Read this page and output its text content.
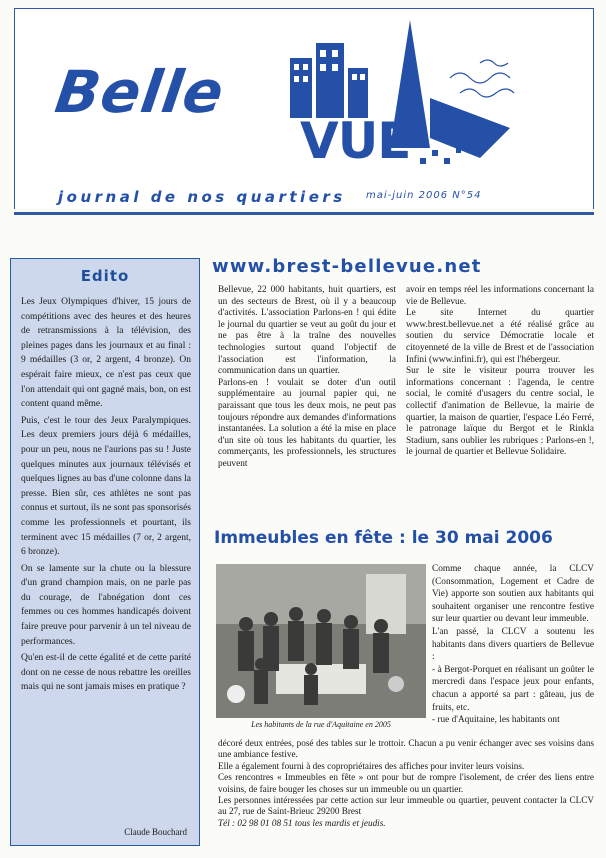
Belle
VUE
journal de nos quartiers mai-juin 2006 N°54
Edito

Les Jeux Olympiques d'hiver, 15 jours de compétitions avec des heures et des heures de retransmissions à la télévision, des pleines pages dans les journaux et au final : 9 médailles (3 or, 2 argent, 4 bronze). On espérait faire mieux, ce n'est pas ceux que l'on attendait qui ont gagné mais, bon, on est content quand même.

Puis, c'est le tour des Jeux Paralympiques. Les deux premiers jours déjà 6 médailles, pour un peu, nous ne l'aurions pas su ! Juste quelques minutes aux journaux télévisés et quelques lignes au bas d'une colonne dans la presse. Bien sûr, ces athlètes ne sont pas connus et surtout, ils ne sont pas sponsorisés comme les professionnels et pourtant, ils terminent avec 15 médailles (7 or, 2 argent, 6 bronze).

On se lamente sur la chute ou la blessure d'un grand champion mais, on ne parle pas du courage, de l'abnégation dont ces femmes ou ces hommes handicapés doivent faire preuve pour parvenir à un tel niveau de performances.

Qu'en est-il de cette égalité et de cette parité dont on ne cesse de nous rebattre les oreilles mais qui ne sont jamais mises en pratique ?

Claude Bouchard
www.brest-bellevue.net

Bellevue, 22 000 habitants, huit quartiers, est un des secteurs de Brest, où il y a beaucoup d'activités. L'association Parlons-en ! qui édite le journal du quartier se veut au goût du jour et ne pas être à la traîne des nouvelles technologies surtout quand l'objectif de l'association est l'information, la communication dans un quartier.

Parlons-en ! voulait se doter d'un outil supplémentaire au journal papier qui, ne paraissant que tous les deux mois, ne peut pas toujours répondre aux demandes d'informations instantanées. La solution a été la mise en place d'un site où tous les habitants du quartier, les commerçants, les professionnels, les structures peuvent

avoir en temps réel les informations concernant la vie de Bellevue.

Le site Internet du quartier www.brest.bellevue.net a été réalisé grâce au soutien du service Démocratie locale et citoyenneté de la ville de Brest et de l'association Infini (www.infini.fr), qui est l'hébergeur.

Sur le site le visiteur pourra trouver les informations concernant : l'agenda, le centre social, le comité d'usagers du centre social, le collectif d'animation de Bellevue, la mairie de quartier, la maison de quartier, l'espace Léo Ferré, le patronage laïque du Bergot et le Rinkla Stadium, sans oublier les rubriques : Parlons-en !, le journal de quartier et Bellevue Solidaire.

Immeubles en fête : le 30 mai 2006
Les habitants de la rue d'Aquitaine en 2005

Comme chaque année, la CLCV (Consommation, Logement et Cadre de Vie) apporte son soutien aux habitants qui souhaitent organiser une rencontre festive sur leur quartier ou devant leur immeuble.

L'an passé, la CLCV a soutenu les habitants dans divers quartiers de Bellevue :

- à Bergot-Porquet en réalisant un goûter le mercredi dans l'espace jeux pour enfants, chacun a apporté sa part : gâteau, jus de fruits, etc.

- rue d'Aquitaine, les habitants ont

décoré deux entrées, posé des tables sur le trottoir. Chacun a pu venir échanger avec ses voisins dans une ambiance festive.

Elle a également fourni à des copropriétaires des affiches pour inviter leurs voisins.

Ces rencontres « Immeubles en fête » ont pour but de rompre l'isolement, de créer des liens entre voisins, de faire bouger les choses sur un immeuble ou un quartier.

Les personnes intéressées par cette action sur leur immeuble ou quartier, peuvent contacter la CLCV au 27, rue de Saint-Brieuc 29200 Brest

Tél : 02 98 01 08 51 tous les mardis et jeudis.
